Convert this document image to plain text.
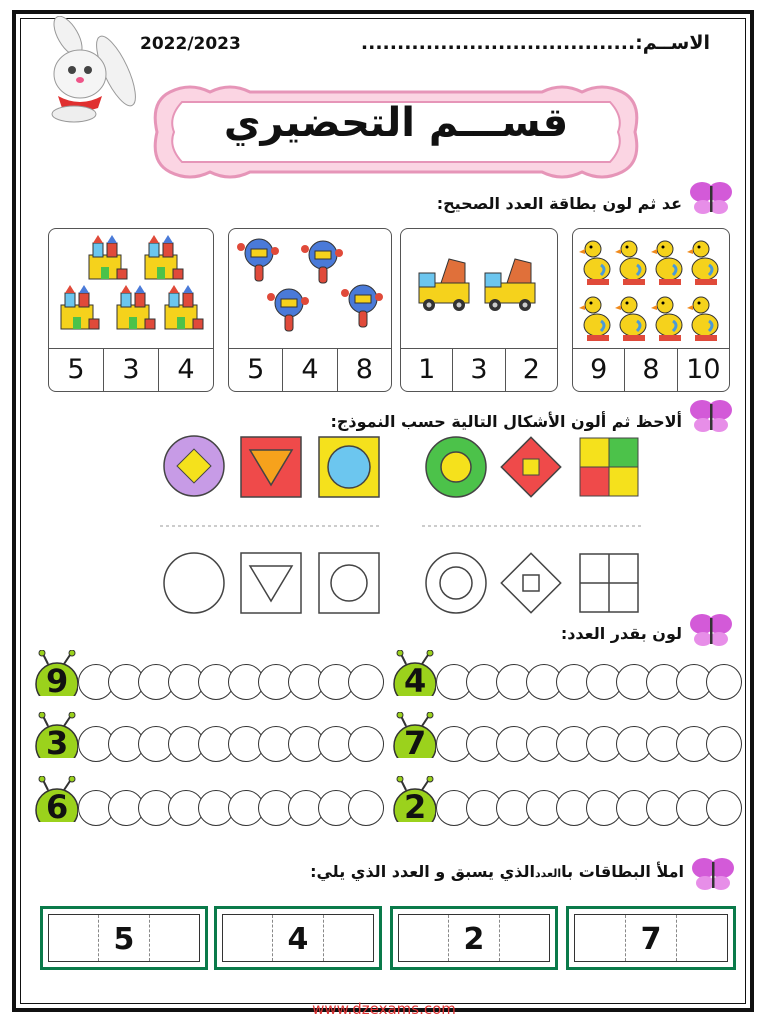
2022/2023	الاســم:......................................
قســـم التحضيري
عد ثم لون بطاقة العدد الصحيح:
9	8 10
1	3	2
5	4	8
5	3	4
ألاحظ ثم ألون الأشكال التالية حسب النموذج:
لون بقدر العدد:
9	4
3	7
6	2
املأ البطاقات باالعددالذي يسبق و العدد الذي يلي:
7
2
4
5
www.dzexams.com
